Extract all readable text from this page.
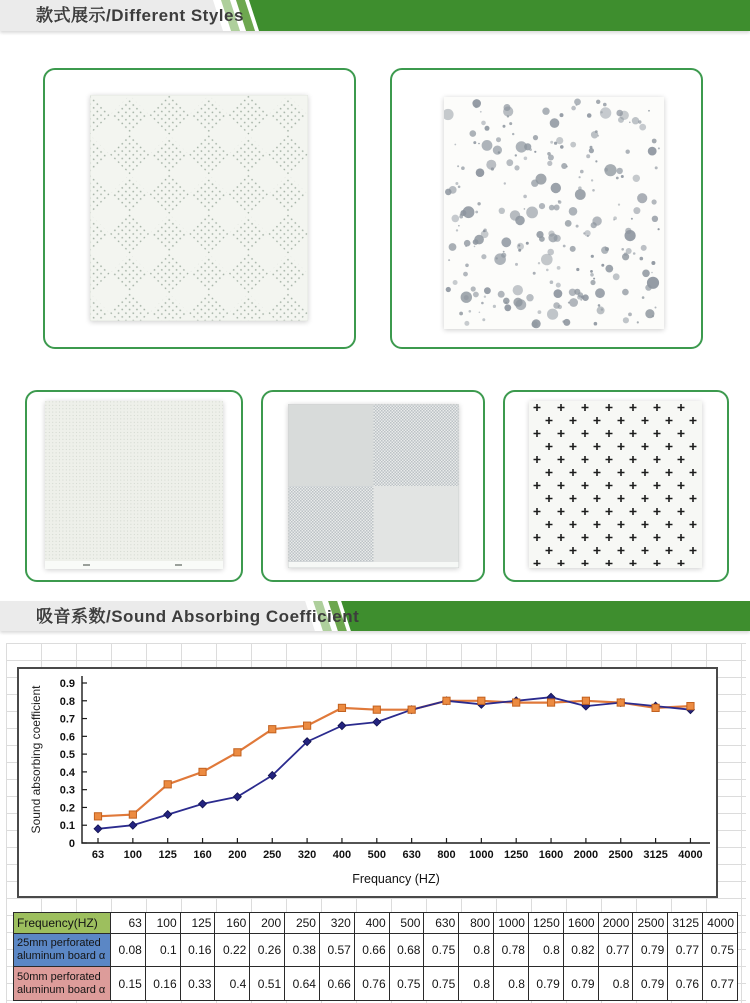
款式展示/Different Styles
吸音系数/Sound Absorbing Coefficient
0
0.1
0.2
0.3
0.4
0.5
0.6
0.7
0.8
0.9
63 100 125 160 200 250 320 400 500 630 800 1000 1250 1600 2000 2500 3125 4000
Frequancy (HZ)
Sound absorbing coefficient
Frequency(HZ)	63	100	125	160	200	250	320	400	500	630	800	1000	1250	1600	2000	2500	3125	4000
25mm perforated aluminum board α	0.08	0.1	0.16	0.22	0.26	0.38	0.57	0.66	0.68	0.75	0.8	0.78	0.8	0.82	0.77	0.79	0.77	0.75
50mm perforated aluminum board α	0.15	0.16	0.33	0.4	0.51	0.64	0.66	0.76	0.75	0.75	0.8	0.8	0.79	0.79	0.8	0.79	0.76	0.77
